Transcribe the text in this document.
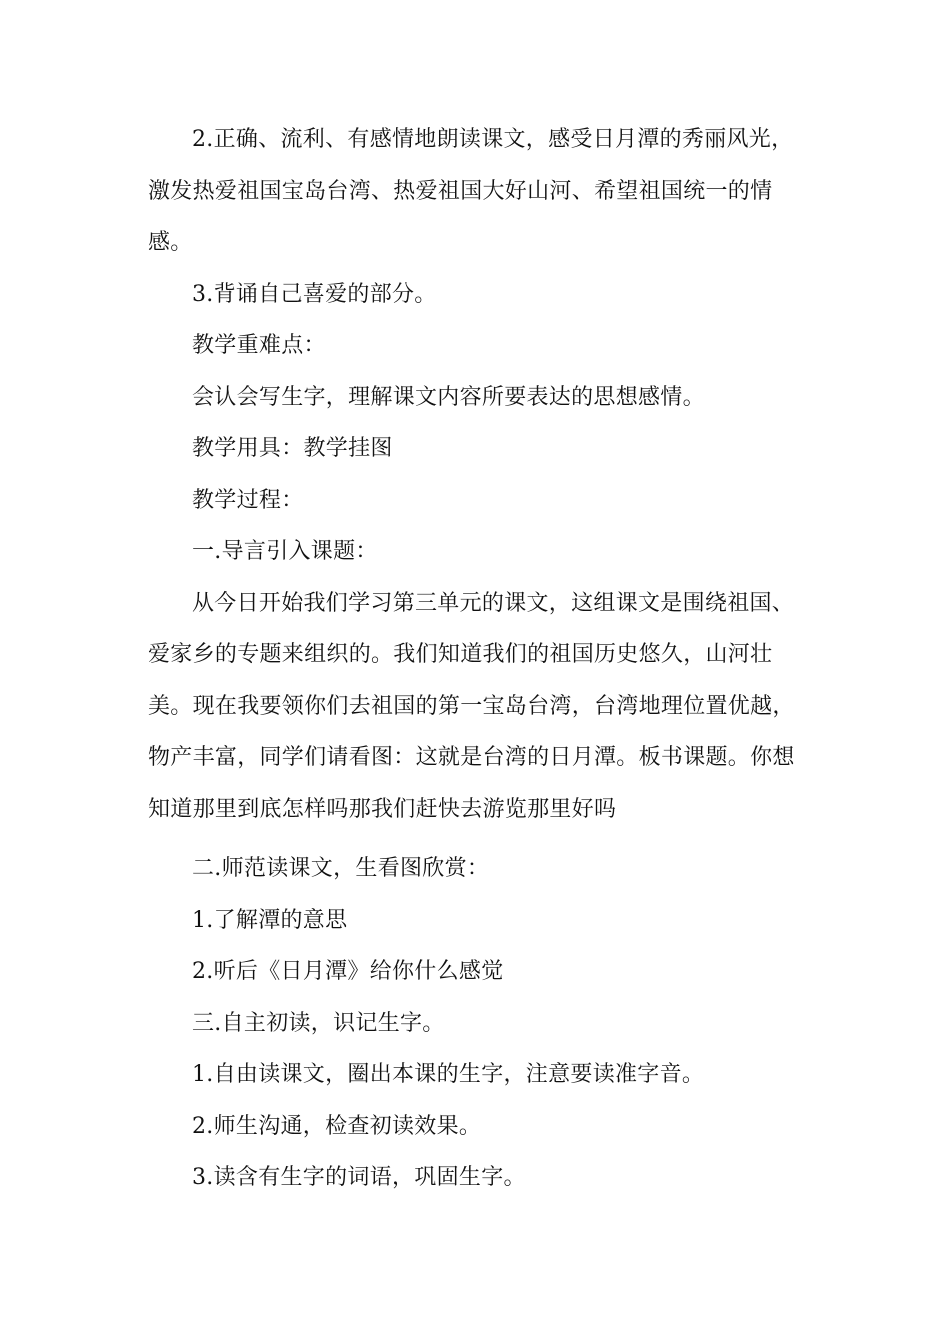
2.正确、流利、有感情地朗读课文，感受日月潭的秀丽风光，激发热爱祖国宝岛台湾、热爱祖国大好山河、希望祖国统一的情感。

3.背诵自己喜爱的部分。

教学重难点：

会认会写生字，理解课文内容所要表达的思想感情。

教学用具：教学挂图

教学过程：

一.导言引入课题：

从今日开始我们学习第三单元的课文，这组课文是围绕祖国、爱家乡的专题来组织的。我们知道我们的祖国历史悠久，山河壮美。现在我要领你们去祖国的第一宝岛台湾，台湾地理位置优越，物产丰富，同学们请看图：这就是台湾的日月潭。板书课题。你想知道那里到底怎样吗那我们赶快去游览那里好吗

二.师范读课文，生看图欣赏：

1.了解潭的意思

2.听后《日月潭》给你什么感觉

三.自主初读，识记生字。

1.自由读课文，圈出本课的生字，注意要读准字音。

2.师生沟通，检查初读效果。

3.读含有生字的词语，巩固生字。
